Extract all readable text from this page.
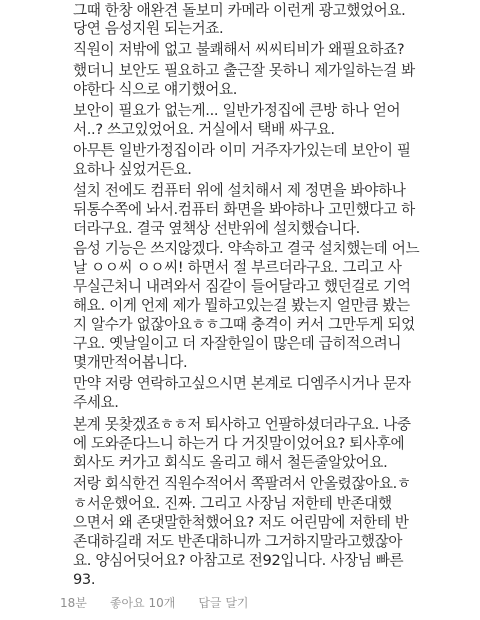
그때 한창 애완견 돌보미 카메라 이런게 광고했었어요.
당연 음성지원 되는거죠.
직원이 저밖에 없고 불쾌해서 씨씨티비가 왜필요하죠?
했더니 보안도 필요하고 출근잘 못하니 제가일하는걸 봐
야한다 식으로 얘기했어요.
보안이 필요가 없는게... 일반가정집에 큰방 하나 얻어
서..? 쓰고있었어요. 거실에서 택배 싸구요.
아무튼 일반가정집이라 이미 거주자가있는데 보안이 필
요하나 싶었거든요.
설치 전에도 컴퓨터 위에 설치해서 제 정면을 봐야하나
뒤통수쪽에 놔서.컴퓨터 화면을 봐야하나 고민했다고 하
더라구요. 결국 옆책상 선반위에 설치했습니다.
음성 기능은 쓰지않겠다. 약속하고 결국 설치했는데 어느
날 ㅇㅇ씨 ㅇㅇ씨! 하면서 절 부르더라구요. 그리고 사
무실근처니 내려와서 짐같이 들어달라고 했던걸로 기억
해요. 이게 언제 제가 뭘하고있는걸 봤는지 얼만큼 봤는
지 알수가 없잖아요ㅎㅎ그때 충격이 커서 그만두게 되었
구요. 옛날일이고 더 자잘한일이 많은데 급히적으려니
몇개만적어봅니다.
만약 저랑 연락하고싶으시면 본계로 디엠주시거나 문자
주세요.
본계 못찾겠죠ㅎㅎ저 퇴사하고 언팔하셨더라구요. 나중
에 도와준다느니 하는거 다 거짓말이었어요? 퇴사후에
회사도 커가고 회식도 올리고 해서 철든줄알았어요.
저랑 회식한건 직원수적어서 쪽팔려서 안올렸잖아요.ㅎ
ㅎ서운했어요. 진짜. 그리고 사장님 저한테 반존대했
으면서 왜 존댓말한척했어요? 저도 어린맘에 저한테 반
존대하길래 저도 반존대하니까 그거하지말라고했잖아
요. 양심어딧어요? 아참고로 전92입니다. 사장님 빠른
93.
18분 좋아요 10개 답글 달기
